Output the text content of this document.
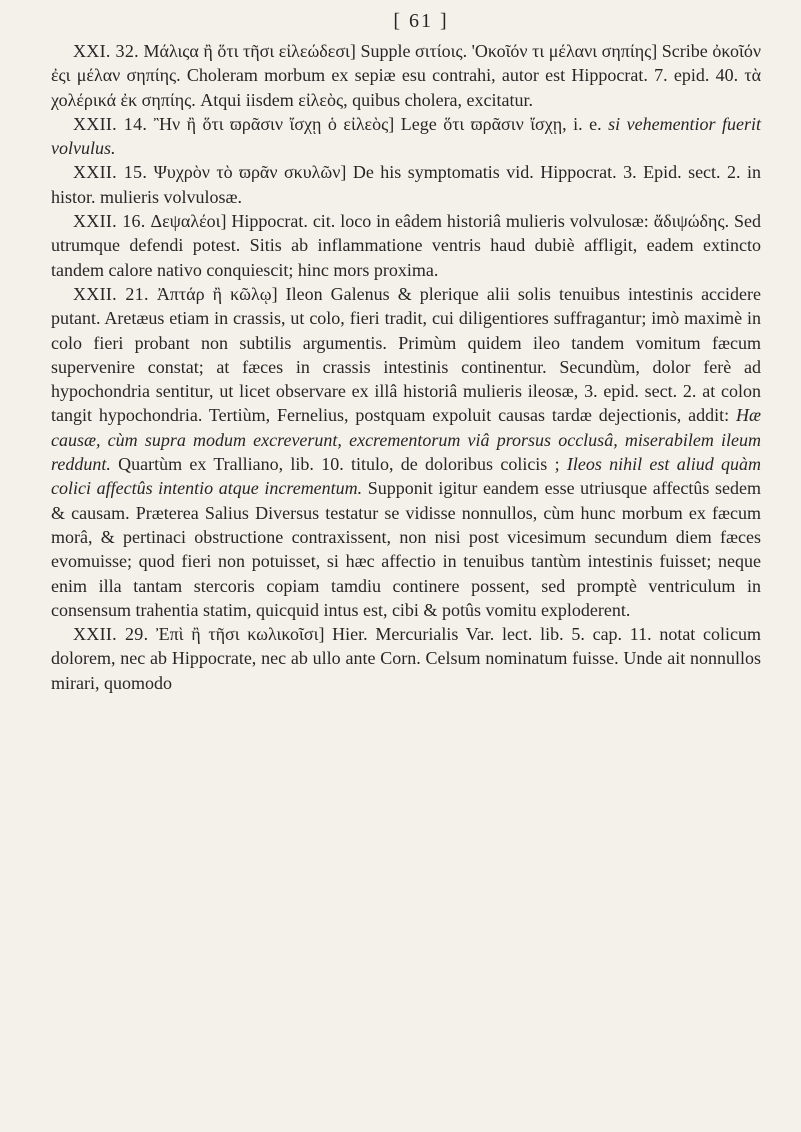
[ 61 ]

XXI. 32. Μάλιςα ἢ ὅτι τῆσι εἰλεώδεσι] Supple σιτίοις. 'Οκοῖόν τι μέλανι σηπίης] Scribe ὀκοῖόν ἐςι μέλαν σηπίης. Choleram morbum ex sepiæ esu contrahi, autor est Hippocrat. 7. epid. 40. τὰ χολέρικά ἐκ σηπίης. Atqui iisdem εἰλεὸς, quibus cholera, excitatur.

XXII. 14. Ἢν ἢ ὅτι ϖρᾶσιν ἴσχῃ ὁ εἰλεὸς] Lege ὅτι ϖρᾶσιν ἴσχῃ, i. e. si vehementior fuerit volvulus.

XXII. 15. Ψυχρὸν τὸ ϖρᾶν σκυλῶν] De his symptomatis vid. Hippocrat. 3. Epid. sect. 2. in histor. mulieris volvulosæ.

XXII. 16. Δεψαλέοι] Hippocrat. cit. loco in eâdem historiâ mulieris volvulosæ: ἄδιψώδης. Sed utrumque defendi potest. Sitis ab inflammatione ventris haud dubiè affligit, eadem extincto tandem calore nativo conquiescit; hinc mors proxima.

XXII. 21. Ἀπτάρ ἢ κῶλῳ] Ileon Galenus & plerique alii solis tenuibus intestinis accidere putant. Aretæus etiam in crassis, ut colo, fieri tradit, cui diligentiores suffragantur; imò maximè in colo fieri probant non subtilis argumentis. Primùm quidem ileo tandem vomitum fæcum supervenire constat; at fæces in crassis intestinis continentur. Secundùm, dolor ferè ad hypochondria sentitur, ut licet observare ex illâ historiâ mulieris ileosæ, 3. epid. sect. 2. at colon tangit hypochondria. Tertiùm, Fernelius, postquam expoluit causas tardæ dejectionis, addit: Hæ causæ, cùm supra modum excreverunt, excrementorum viâ prorsus occlusâ, miserabilem ileum reddunt. Quartùm ex Tralliano, lib. 10. titulo, de doloribus colicis ; Ileos nihil est aliud quàm colici affectûs intentio atque incrementum. Supponit igitur eandem esse utriusque affectûs sedem & causam. Præterea Salius Diversus testatur se vidisse nonnullos, cùm hunc morbum ex fæcum morâ, & pertinaci obstructione contraxissent, non nisi post vicesimum secundum diem fæces evomuisse; quod fieri non potuisset, si hæc affectio in tenuibus tantùm intestinis fuisset; neque enim illa tantam stercoris copiam tamdiu continere possent, sed promptè ventriculum in consensum trahentia statim, quicquid intus est, cibi & potûs vomitu exploderent.

XXII. 29. Ἐπὶ ἢ τῆσι κωλικοῖσι] Hier. Mercurialis Var. lect. lib. 5. cap. 11. notat colicum dolorem, nec ab Hippocrate, nec ab ullo ante Corn. Celsum nominatum fuisse. Unde ait nonnullos mirari, quomodo
